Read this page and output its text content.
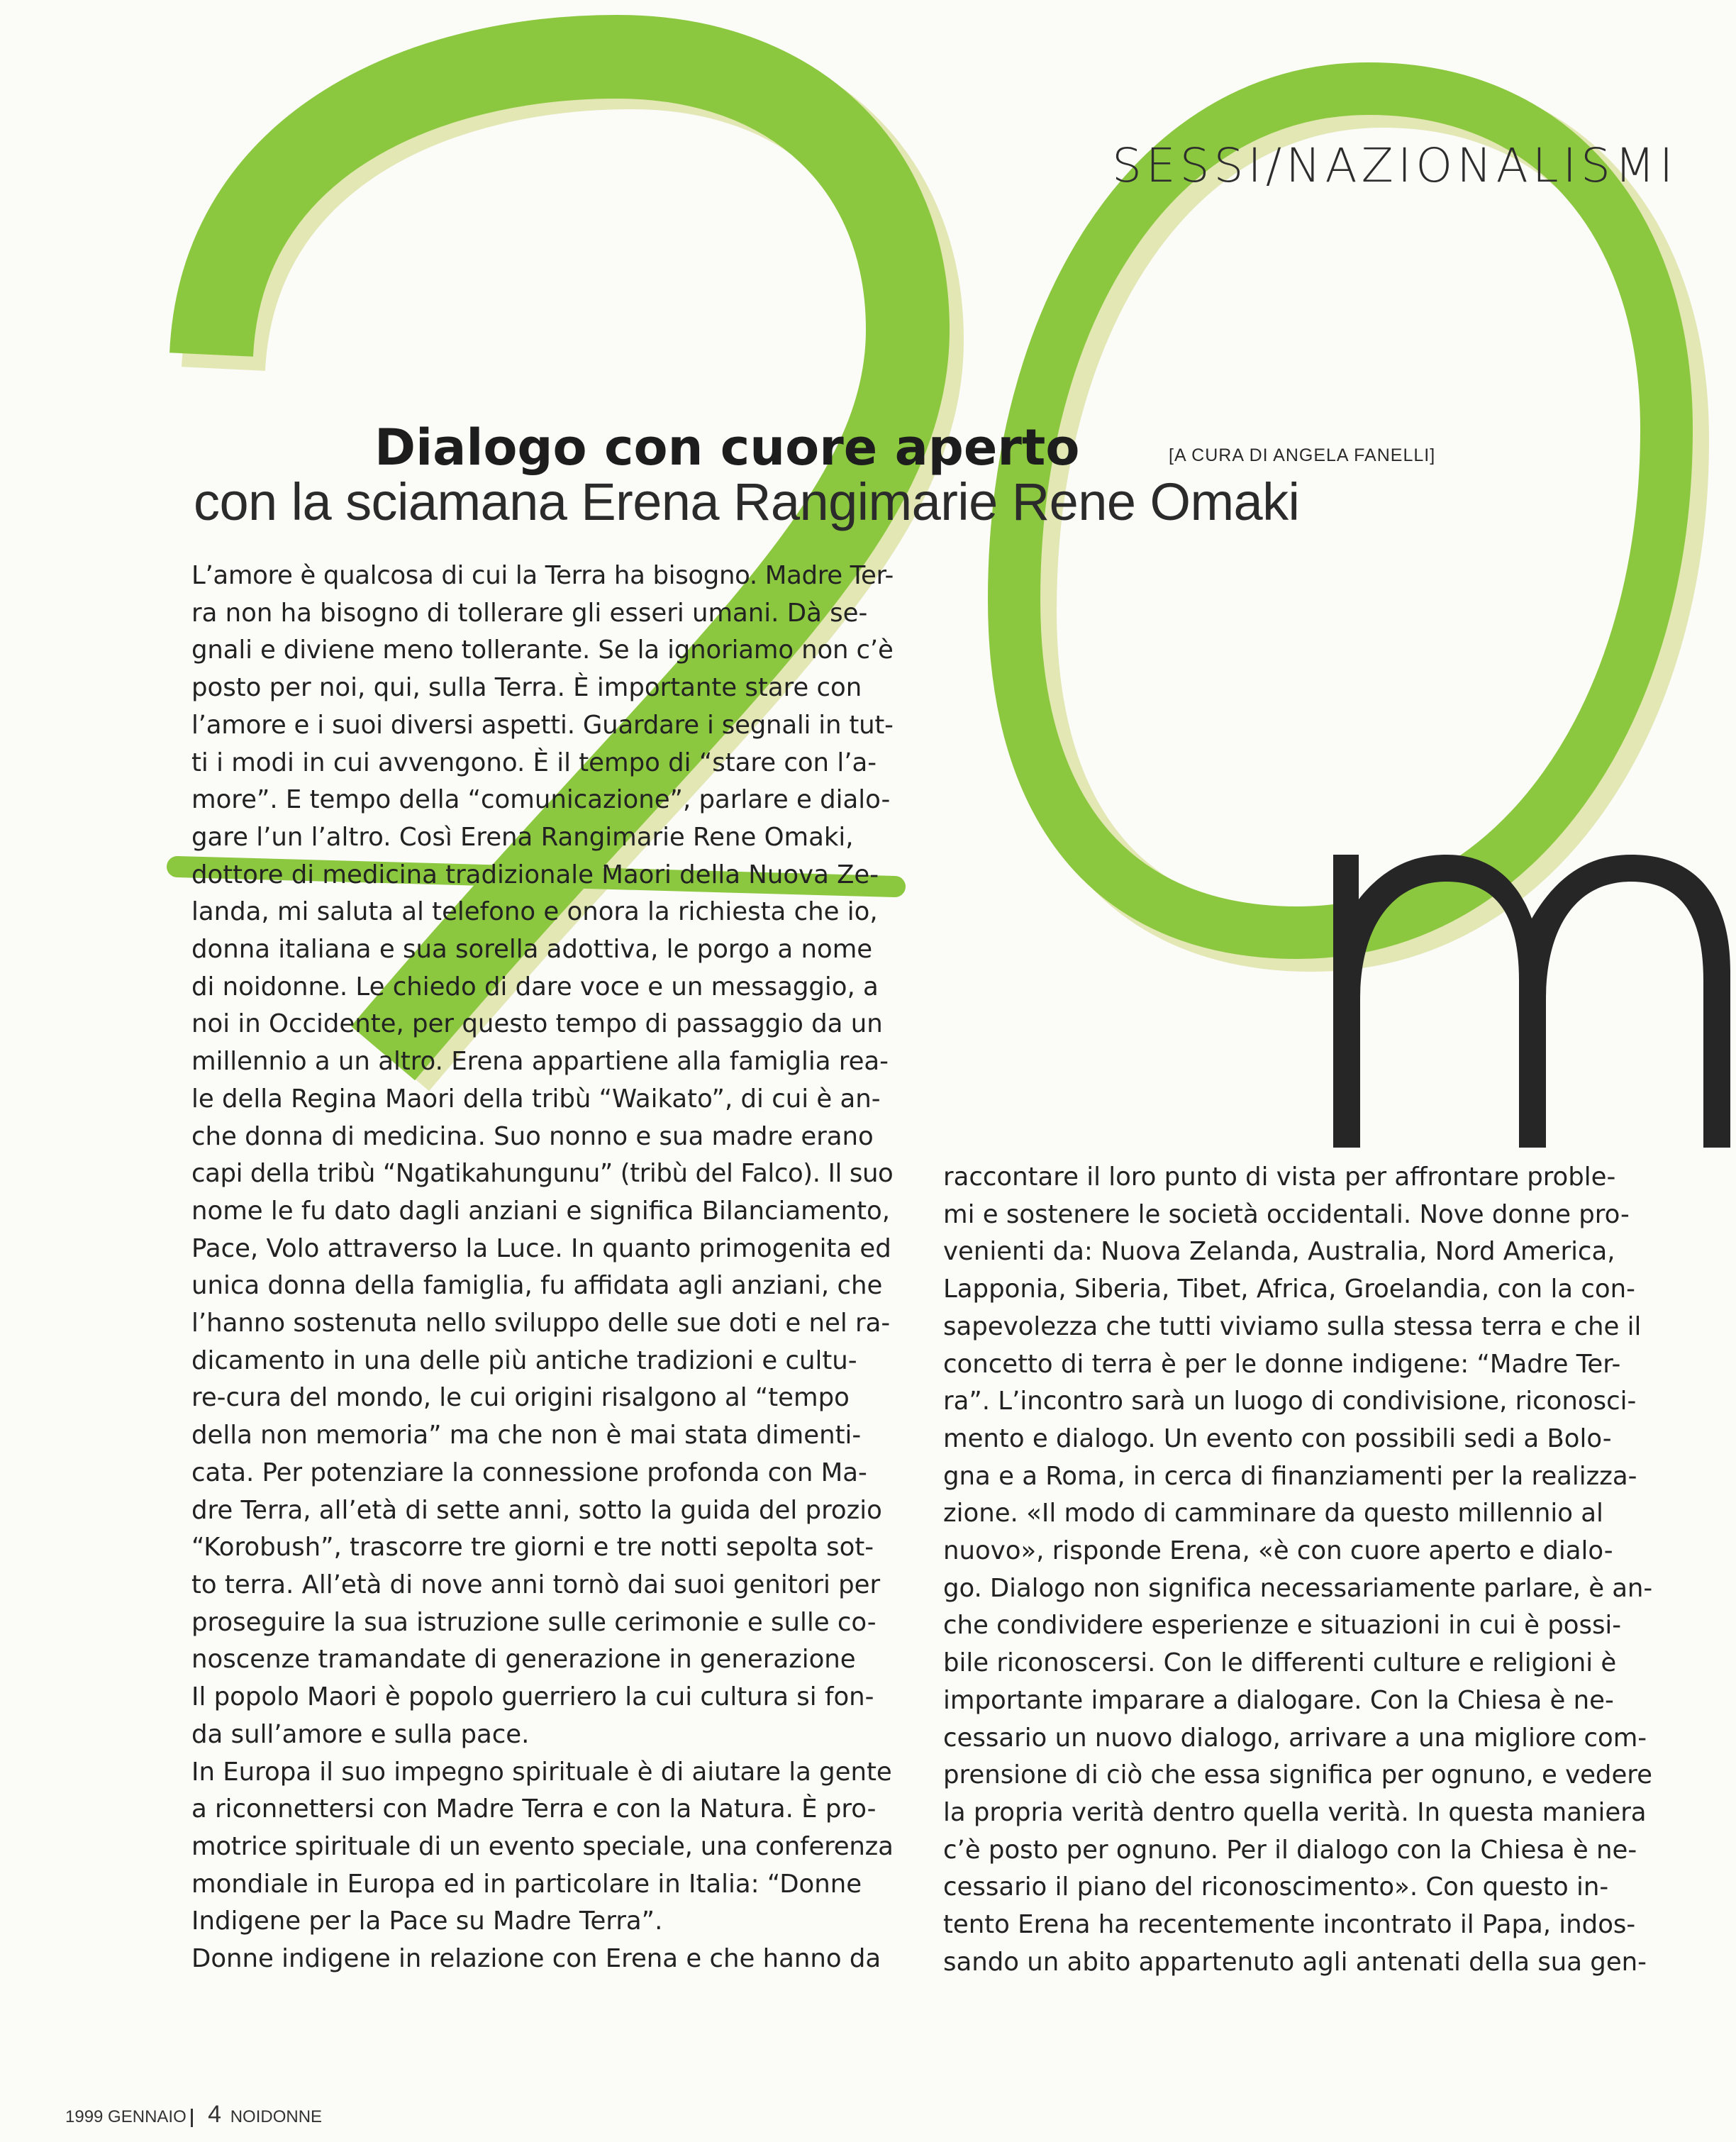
SESSI/NAZIONALISMI
Dialogo con cuore aperto	[A CURA DI ANGELA FANELLI]
con la sciamana Erena Rangimarie Rene Omaki

L’amore è qualcosa di cui la Terra ha bisogno. Madre Ter-

ra non ha bisogno di tollerare gli esseri umani. Dà se-

gnali e diviene meno tollerante. Se la ignoriamo non c’è

posto per noi, qui, sulla Terra. È importante stare con

l’amore e i suoi diversi aspetti. Guardare i segnali in tut-

ti i modi in cui avvengono. È il tempo di “stare con l’a-

more”. E tempo della “comunicazione”, parlare e dialo-

gare l’un l’altro. Così Erena Rangimarie Rene Omaki,

dottore di medicina tradizionale Maori della Nuova Ze-

landa, mi saluta al telefono e onora la richiesta che io,

donna italiana e sua sorella adottiva, le porgo a nome

di noidonne. Le chiedo di dare voce e un messaggio, a

noi in Occidente, per questo tempo di passaggio da un

millennio a un altro. Erena appartiene alla famiglia rea-

le della Regina Maori della tribù “Waikato”, di cui è an-

che donna di medicina. Suo nonno e sua madre erano

capi della tribù “Ngatikahungunu” (tribù del Falco). Il suo

nome le fu dato dagli anziani e significa Bilanciamento,

Pace, Volo attraverso la Luce. In quanto primogenita ed

unica donna della famiglia, fu affidata agli anziani, che

l’hanno sostenuta nello sviluppo delle sue doti e nel ra-

dicamento in una delle più antiche tradizioni e cultu-

re-cura del mondo, le cui origini risalgono al “tempo

della non memoria” ma che non è mai stata dimenti-

cata. Per potenziare la connessione profonda con Ma-

dre Terra, all’età di sette anni, sotto la guida del prozio

“Korobush”, trascorre tre giorni e tre notti sepolta sot-

to terra. All’età di nove anni tornò dai suoi genitori per

proseguire la sua istruzione sulle cerimonie e sulle co-

noscenze tramandate di generazione in generazione

Il popolo Maori è popolo guerriero la cui cultura si fon-

da sull’amore e sulla pace.

In Europa il suo impegno spirituale è di aiutare la gente

a riconnettersi con Madre Terra e con la Natura. È pro-

motrice spirituale di un evento speciale, una conferenza

mondiale in Europa ed in particolare in Italia: “Donne

Indigene per la Pace su Madre Terra”.

Donne indigene in relazione con Erena e che hanno da

raccontare il loro punto di vista per affrontare proble-

mi e sostenere le società occidentali. Nove donne pro-

venienti da: Nuova Zelanda, Australia, Nord America,

Lapponia, Siberia, Tibet, Africa, Groelandia, con la con-

sapevolezza che tutti viviamo sulla stessa terra e che il

concetto di terra è per le donne indigene: “Madre Ter-

ra”. L’incontro sarà un luogo di condivisione, riconosci-

mento e dialogo. Un evento con possibili sedi a Bolo-

gna e a Roma, in cerca di finanziamenti per la realizza-

zione. «Il modo di camminare da questo millennio al

nuovo», risponde Erena, «è con cuore aperto e dialo-

go. Dialogo non significa necessariamente parlare, è an-

che condividere esperienze e situazioni in cui è possi-

bile riconoscersi. Con le differenti culture e religioni è

importante imparare a dialogare. Con la Chiesa è ne-

cessario un nuovo dialogo, arrivare a una migliore com-

prensione di ciò che essa significa per ognuno, e vedere

la propria verità dentro quella verità. In questa maniera

c’è posto per ognuno. Per il dialogo con la Chiesa è ne-

cessario il piano del riconoscimento». Con questo in-

tento Erena ha recentemente incontrato il Papa, indos-

sando un abito appartenuto agli antenati della sua gen-

1999 GENNAIO 4 NOIDONNE
